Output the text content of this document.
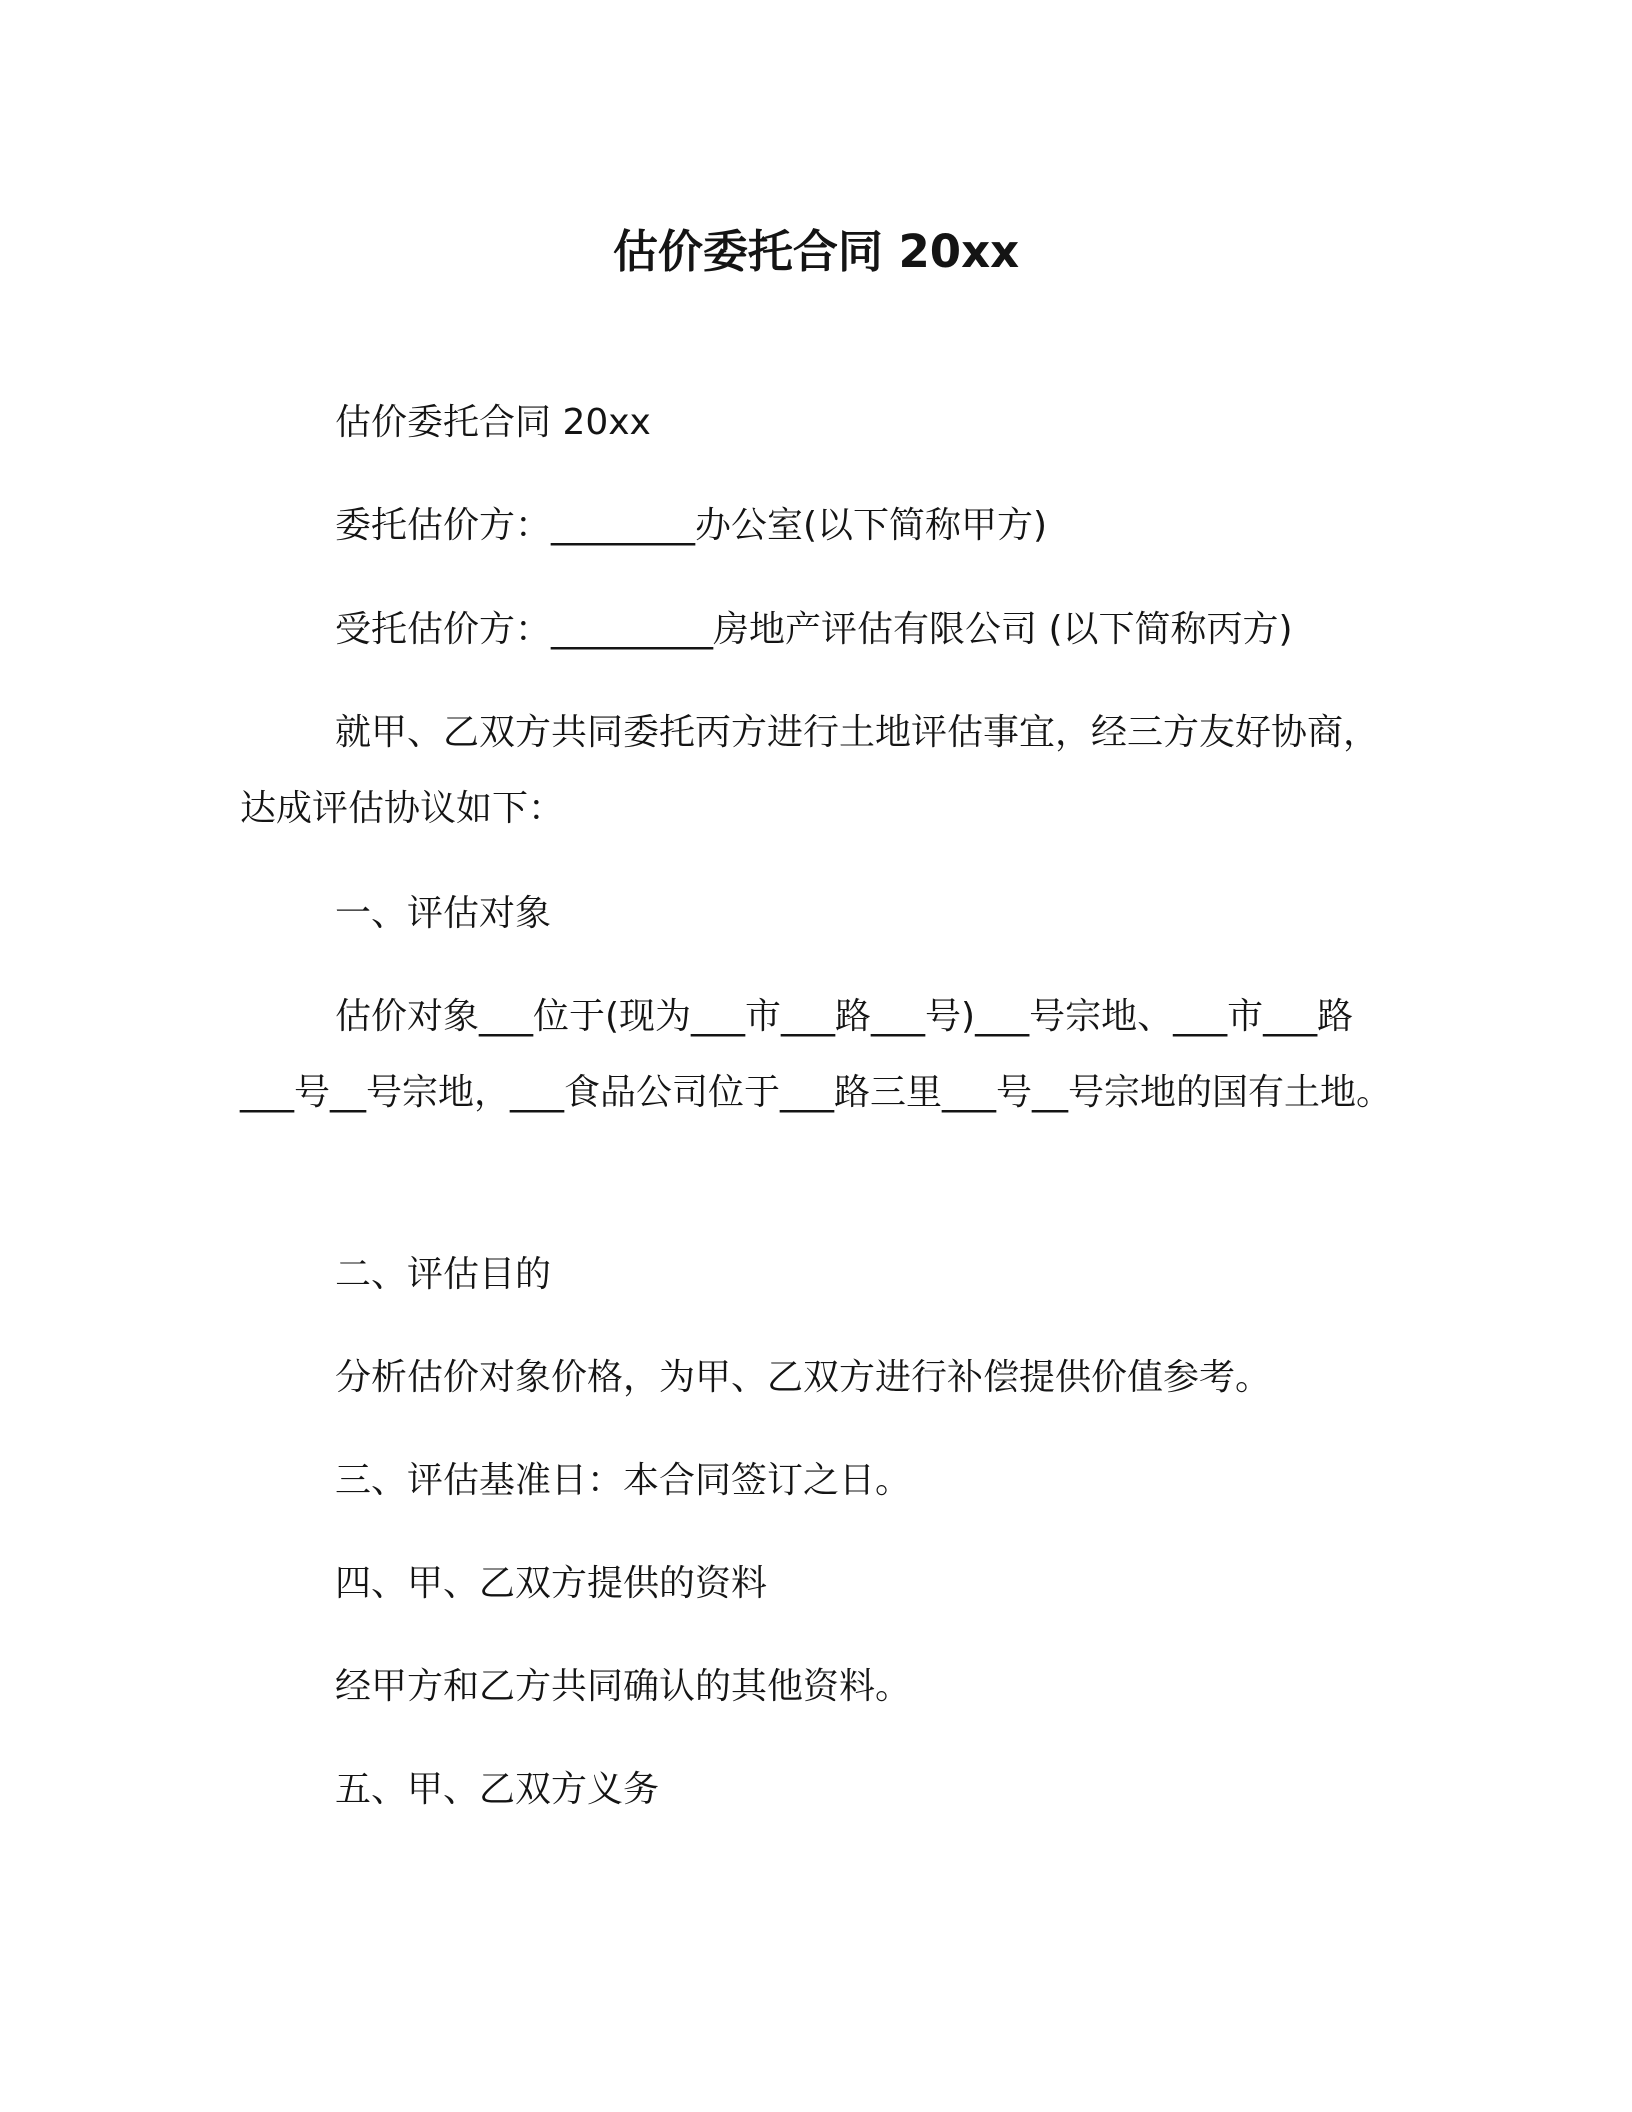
估价委托合同 20xx

估价委托合同 20xx

委托估价方：________办公室(以下简称甲方)

受托估价方：_________房地产评估有限公司 (以下简称丙方)

就甲、乙双方共同委托丙方进行土地评估事宜，经三方友好协商，达成评估协议如下：

一、评估对象

估价对象___位于(现为___市___路___号)___号宗地、___市___路___号__号宗地，___食品公司位于___路三里___号__号宗地的国有土地。

二、评估目的

分析估价对象价格，为甲、乙双方进行补偿提供价值参考。

三、评估基准日：本合同签订之日。

四、甲、乙双方提供的资料

经甲方和乙方共同确认的其他资料。

五、甲、乙双方义务
